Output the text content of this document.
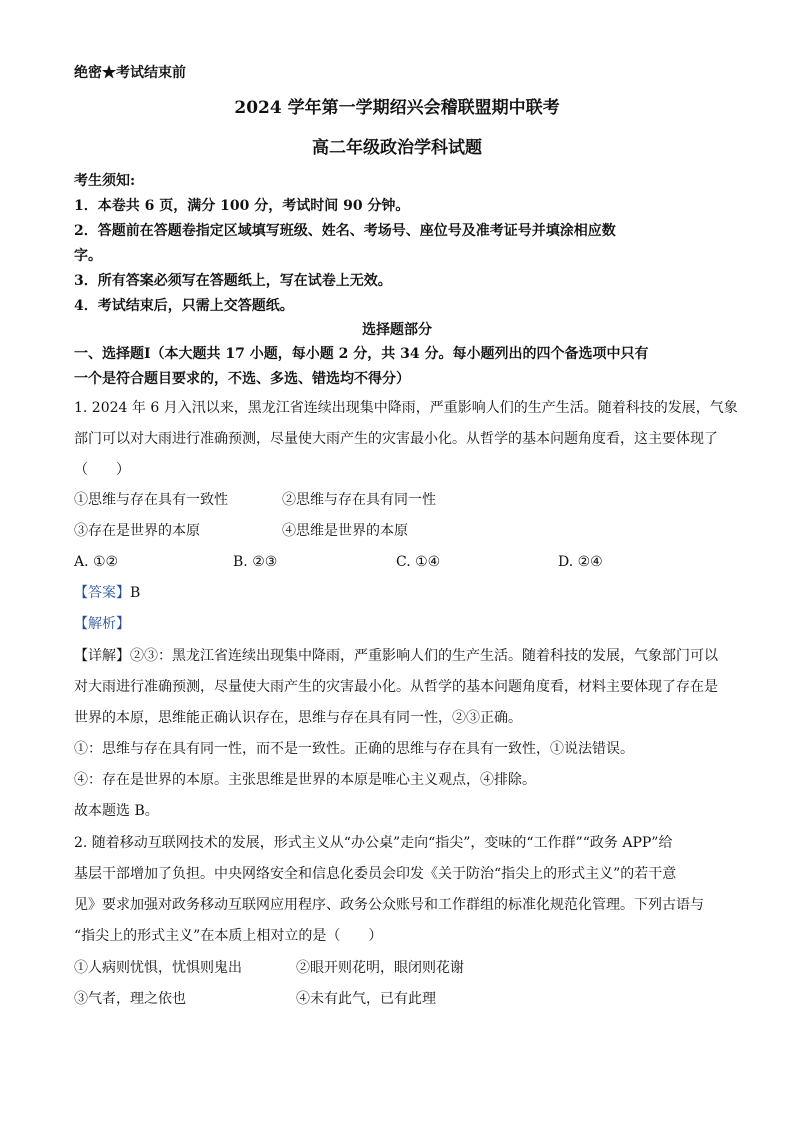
绝密★考试结束前
2024 学年第一学期绍兴会稽联盟期中联考
高二年级政治学科试题
考生须知:
1．本卷共 6 页，满分 100 分，考试时间 90 分钟。
2．答题前在答题卷指定区域填写班级、姓名、考场号、座位号及准考证号并填涂相应数
字。
3．所有答案必须写在答题纸上，写在试卷上无效。
4．考试结束后，只需上交答题纸。
选择题部分
一、选择题Ⅰ（本大题共 17 小题，每小题 2 分，共 34 分。每小题列出的四个备选项中只有
一个是符合题目要求的，不选、多选、错选均不得分）
1. 2024 年 6 月入汛以来，黑龙江省连续出现集中降雨，严重影响人们的生产生活。随着科技的发展，气象
部门可以对大雨进行准确预测，尽量使大雨产生的灾害最小化。从哲学的基本问题角度看，这主要体现了
（　　）
①思维与存在具有一致性	②思维与存在具有同一性
③存在是世界的本原	④思维是世界的本原
A. ①②	B. ②③	C. ①④	D. ②④
【答案】B
【解析】
【详解】②③：黑龙江省连续出现集中降雨，严重影响人们的生产生活。随着科技的发展，气象部门可以
对大雨进行准确预测，尽量使大雨产生的灾害最小化。从哲学的基本问题角度看，材料主要体现了存在是
世界的本原，思维能正确认识存在，思维与存在具有同一性，②③正确。
①：思维与存在具有同一性，而不是一致性。正确的思维与存在具有一致性，①说法错误。
④：存在是世界的本原。主张思维是世界的本原是唯心主义观点，④排除。
故本题选 B。
2. 随着移动互联网技术的发展，形式主义从“办公桌”走向“指尖”，变味的“工作群”“政务 APP”给
基层干部增加了负担。中央网络安全和信息化委员会印发《关于防治“指尖上的形式主义”的若干意
见》要求加强对政务移动互联网应用程序、政务公众账号和工作群组的标准化规范化管理。下列古语与
“指尖上的形式主义”在本质上相对立的是（　　）
①人病则忧惧，忧惧则鬼出	②眼开则花明，眼闭则花谢
③气者，理之依也	④未有此气，已有此理
